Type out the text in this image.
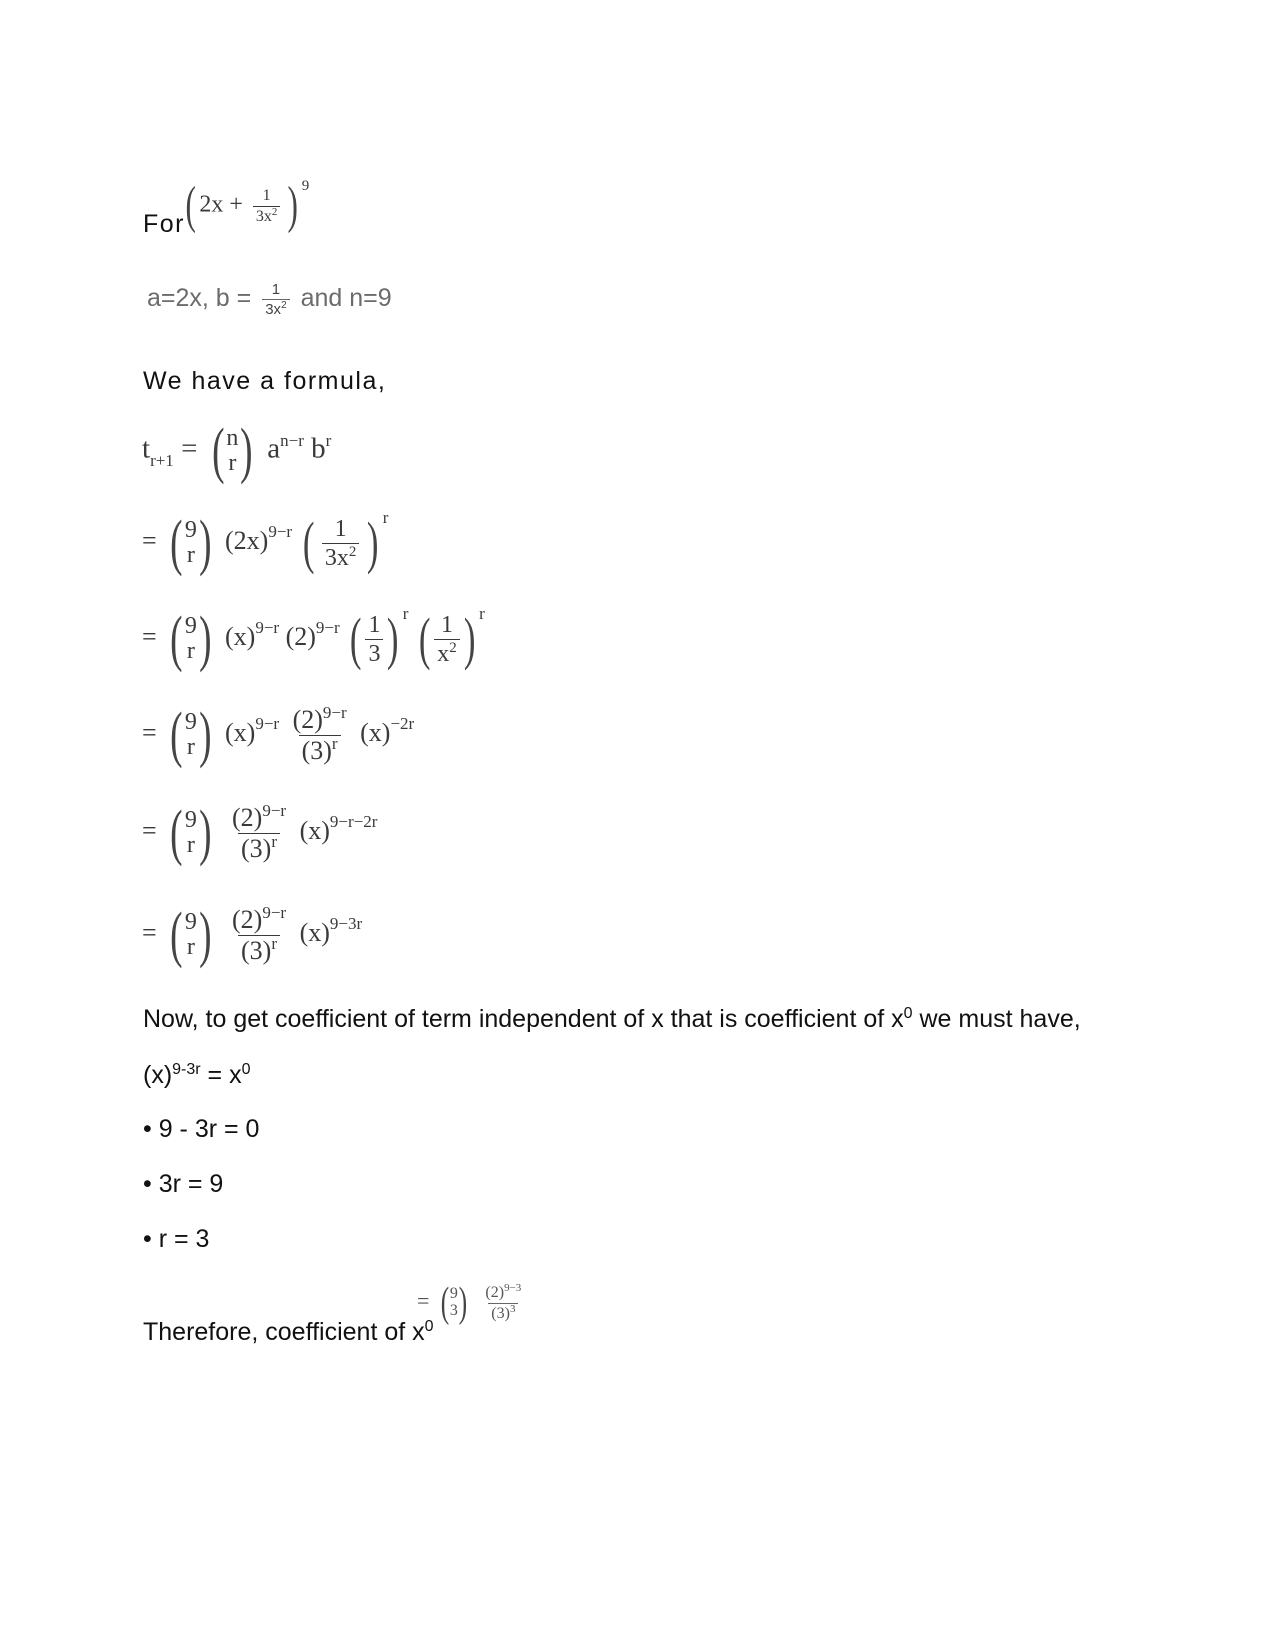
For ( $2x + \frac{1}{3x^2}$ ) $^9$
a=2x, $b = \frac{1}{3x^2}$ and n=9
We have a formula,
$t_{r+1}$ = ( n
r ) $a^{n-r}$ $b^r$
= ( 9
r ) $(2x)^{9-r}$ ( $\frac{1}{3x^2}$ ) $^r$
= ( 9
r ) $(x)^{9-r}$ $(2)^{9-r}$ ( $\frac{1}{3}$ ) $^r$ ( $\frac{1}{x^2}$ ) $^r$
= ( 9
r ) $(x)^{9-r} \frac{(2)^{9-r}}{(3)^r} (x)^{-2r}$
= ( 9
r )
$\frac{(2)^{9-r}}{(3)^r} (x)^{9-r-2r}$
= ( 9
r )
$\frac{(2)^{9-r}}{(3)^r} (x)^{9-3r}$
Now, to get coefficient of term independent of x that is coefficient of $x^0$ we must have,
$(x)^{9-3r} = x^0$
• 9 - 3r = 0
• 3r = 9
• r = 3
Therefore, coefficient of $x^0$
= ( 9
3 )
$\frac{(2)^{9-3}}{(3)^3}$
